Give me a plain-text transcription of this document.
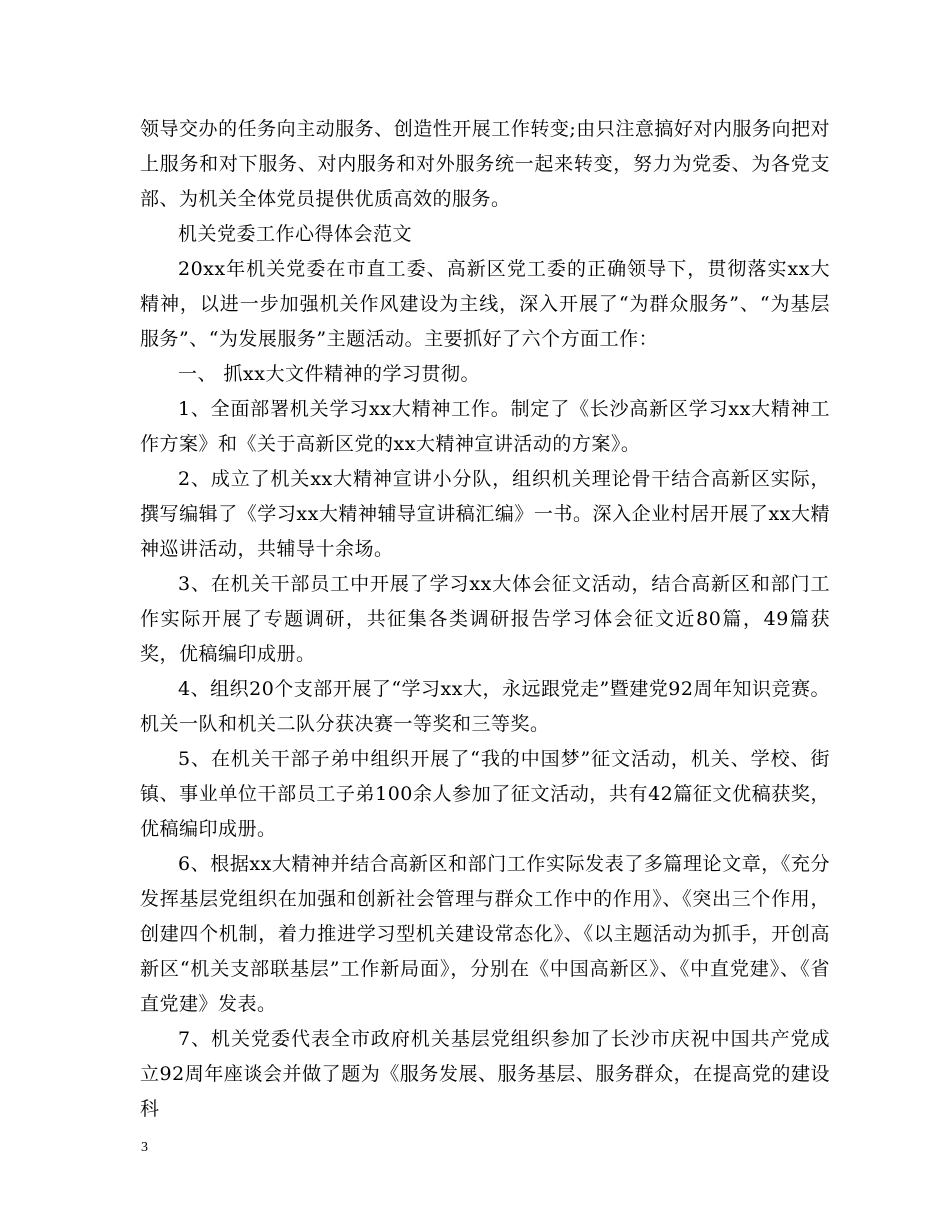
领导交办的任务向主动服务、创造性开展工作转变;由只注意搞好对内服务向把对上服务和对下服务、对内服务和对外服务统一起来转变，努力为党委、为各党支部、为机关全体党员提供优质高效的服务。

机关党委工作心得体会范文

20xx年机关党委在市直工委、高新区党工委的正确领导下，贯彻落实xx大精神，以进一步加强机关作风建设为主线，深入开展了“为群众服务”、“为基层服务”、“为发展服务”主题活动。主要抓好了六个方面工作：

一、 抓xx大文件精神的学习贯彻。

1、全面部署机关学习xx大精神工作。制定了《长沙高新区学习xx大精神工作方案》和《关于高新区党的xx大精神宣讲活动的方案》。

2、成立了机关xx大精神宣讲小分队，组织机关理论骨干结合高新区实际，撰写编辑了《学习xx大精神辅导宣讲稿汇编》一书。深入企业村居开展了xx大精神巡讲活动，共辅导十余场。

3、在机关干部员工中开展了学习xx大体会征文活动，结合高新区和部门工作实际开展了专题调研，共征集各类调研报告学习体会征文近80篇，49篇获奖，优稿编印成册。

4、组织20个支部开展了“学习xx大，永远跟党走”暨建党92周年知识竞赛。机关一队和机关二队分获决赛一等奖和三等奖。

5、在机关干部子弟中组织开展了“我的中国梦”征文活动，机关、学校、街镇、事业单位干部员工子弟100余人参加了征文活动，共有42篇征文优稿获奖，优稿编印成册。

6、根据xx大精神并结合高新区和部门工作实际发表了多篇理论文章，《充分发挥基层党组织在加强和创新社会管理与群众工作中的作用》、《突出三个作用，创建四个机制，着力推进学习型机关建设常态化》、《以主题活动为抓手，开创高新区“机关支部联基层”工作新局面》，分别在《中国高新区》、《中直党建》、《省直党建》发表。

7、机关党委代表全市政府机关基层党组织参加了长沙市庆祝中国共产党成立92周年座谈会并做了题为《服务发展、服务基层、服务群众，在提高党的建设科

3
